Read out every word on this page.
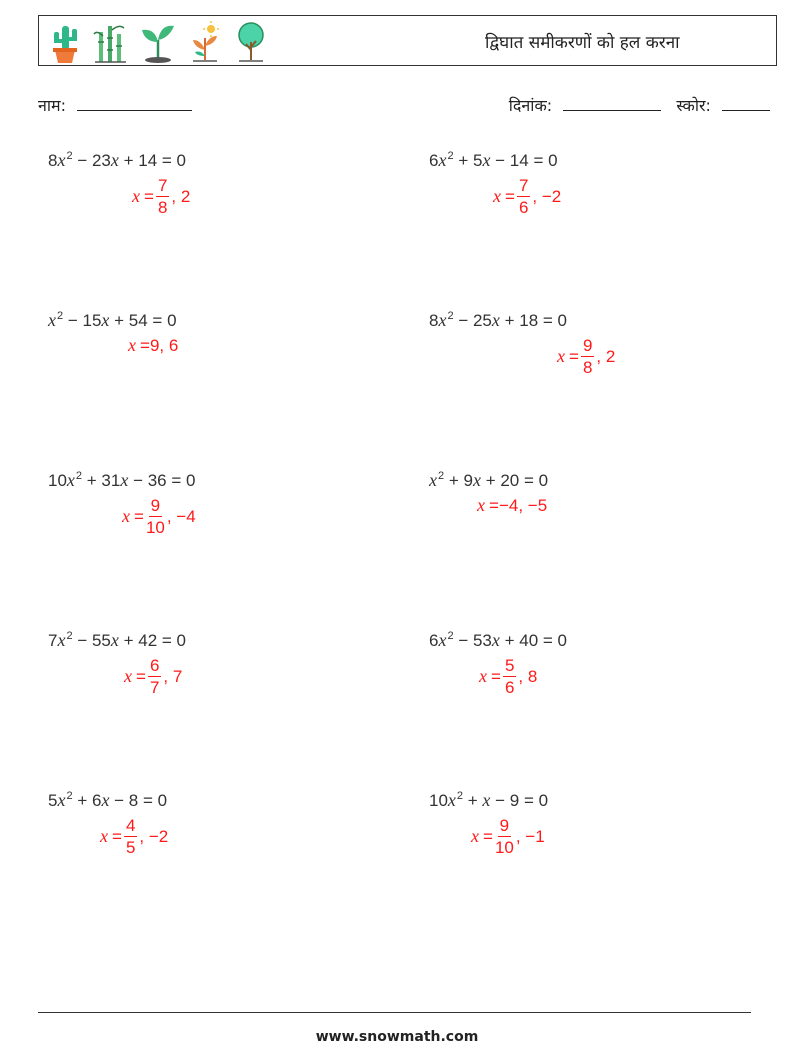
द्विघात समीकरणों को हल करना
नाम:	दिनांक:	स्कोर:
$8x^2 - 23x + 14 = 0$
$x = \frac{7}{8}$ , 2
$6x^2 + 5x - 14 = 0$
$x = \frac{7}{6}$ , −2
$x^2 - 15x + 54 = 0$
x = 9, 6
$8x^2 - 25x + 18 = 0$
$x = \frac{9}{8}$ , 2
$10x^2 + 31x - 36 = 0$
$x = \frac{9}{10}$ , −4
$x^2 + 9x + 20 = 0$
x = −4, −5
$7x^2 - 55x + 42 = 0$
$x = \frac{6}{7}$ , 7
$6x^2 - 53x + 40 = 0$
$x = \frac{5}{6}$ , 8
$5x^2 + 6x - 8 = 0$
$x = \frac{4}{5}$ , −2
$10x^2 + x - 9 = 0$
$x = \frac{9}{10}$ , −1
www.snowmath.com
